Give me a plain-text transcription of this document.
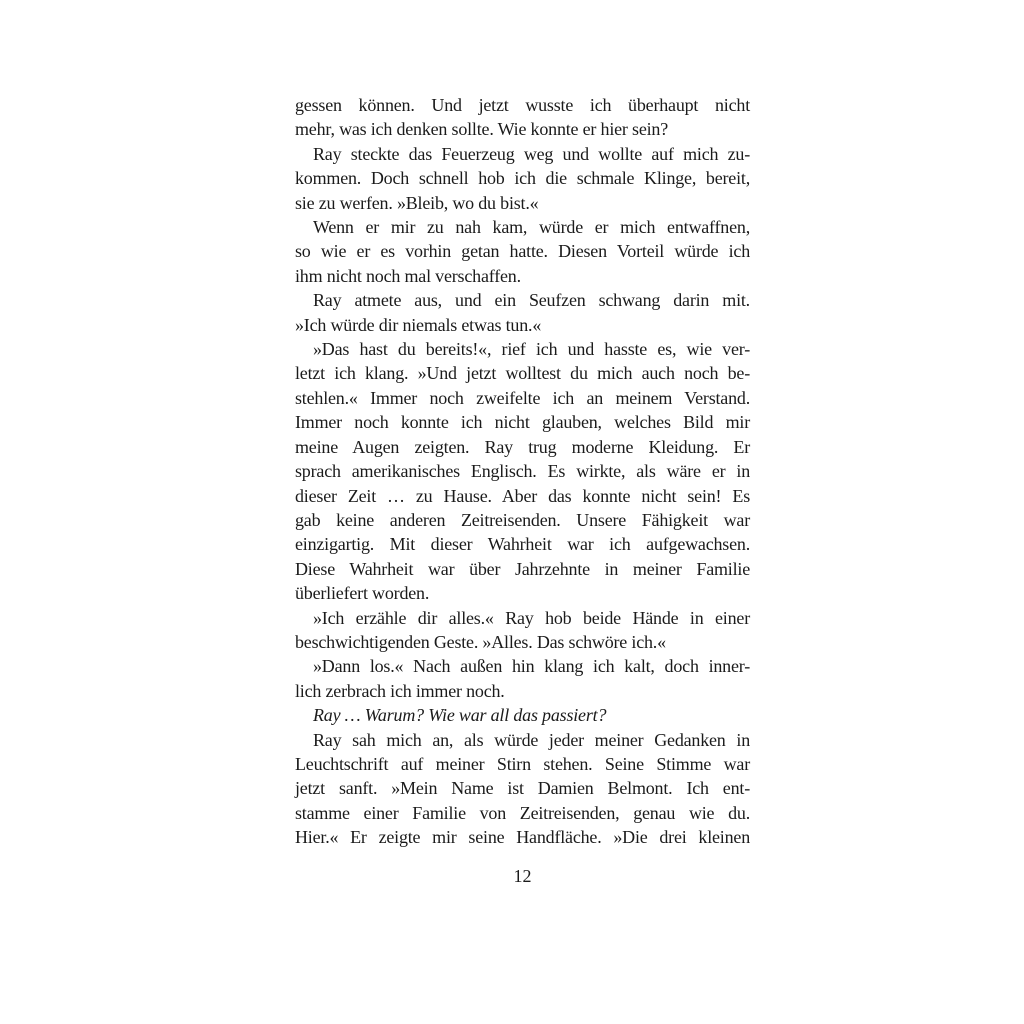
gessen können. Und jetzt wusste ich überhaupt nicht
mehr, was ich denken sollte. Wie konnte er hier sein?
Ray steckte das Feuerzeug weg und wollte auf mich zu-
kommen. Doch schnell hob ich die schmale Klinge, bereit,
sie zu werfen. »Bleib, wo du bist.«
Wenn er mir zu nah kam, würde er mich entwaffnen,
so wie er es vorhin getan hatte. Diesen Vorteil würde ich
ihm nicht noch mal verschaffen.
Ray atmete aus, und ein Seufzen schwang darin mit.
»Ich würde dir niemals etwas tun.«
»Das hast du bereits!«, rief ich und hasste es, wie ver-
letzt ich klang. »Und jetzt wolltest du mich auch noch be-
stehlen.« Immer noch zweifelte ich an meinem Verstand.
Immer noch konnte ich nicht glauben, welches Bild mir
meine Augen zeigten. Ray trug moderne Kleidung. Er
sprach amerikanisches Englisch. Es wirkte, als wäre er in
dieser Zeit … zu Hause. Aber das konnte nicht sein! Es
gab keine anderen Zeitreisenden. Unsere Fähigkeit war
einzigartig. Mit dieser Wahrheit war ich aufgewachsen.
Diese Wahrheit war über Jahrzehnte in meiner Familie
überliefert worden.
»Ich erzähle dir alles.« Ray hob beide Hände in einer
beschwichtigenden Geste. »Alles. Das schwöre ich.«
»Dann los.« Nach außen hin klang ich kalt, doch inner-
lich zerbrach ich immer noch.
Ray … Warum? Wie war all das passiert?
Ray sah mich an, als würde jeder meiner Gedanken in
Leuchtschrift auf meiner Stirn stehen. Seine Stimme war
jetzt sanft. »Mein Name ist Damien Belmont. Ich ent-
stamme einer Familie von Zeitreisenden, genau wie du.
Hier.« Er zeigte mir seine Handfläche. »Die drei kleinen
12
